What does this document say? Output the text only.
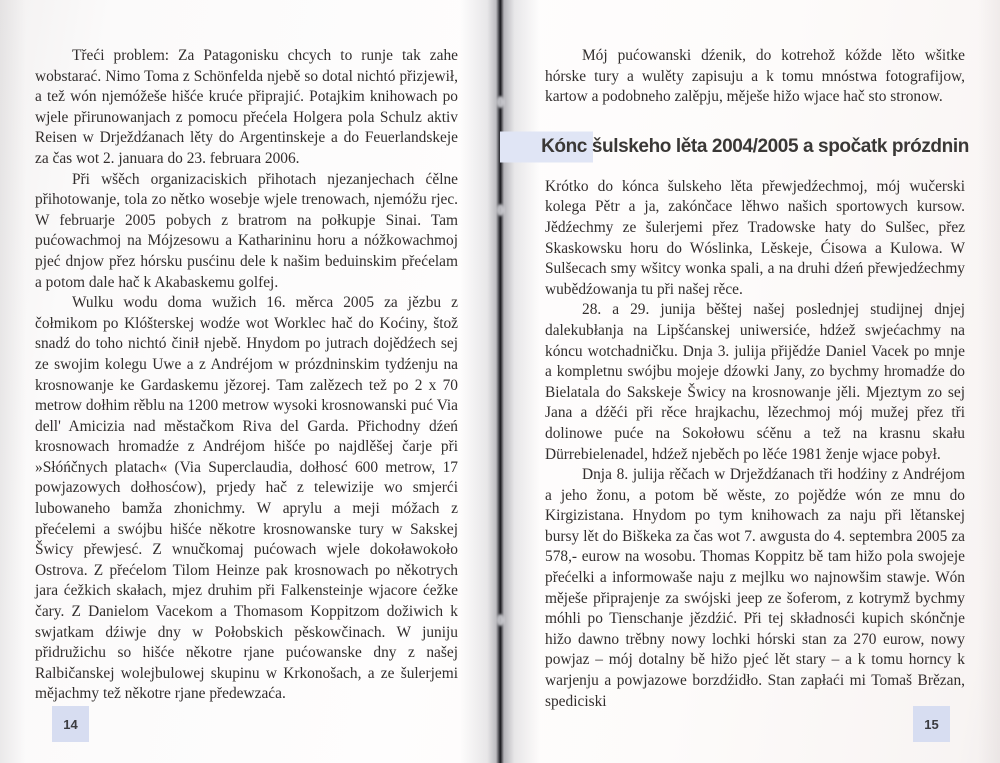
Třeći problem: Za Patagonisku chcych to runje tak zahe wobstarać. Nimo Toma z Schönfelda njebě so dotal nichtó přizjewił, a tež wón njemóžeše hišće kruće připrajić. Potajkim knihowach po wjele přirunowanjach z pomocu přećela Holgera pola Schulz aktiv Reisen w Drježdźanach lěty do Argentinskeje a do Feuerlandskeje za čas wot 2. januara do 23. februara 2006.

Při wšěch organizaciskich přihotach njezanjechach ćělne přihotowanje, tola zo nětko wosebje wjele trenowach, njemóžu rjec. W februarje 2005 pobych z bratrom na połkupje Sinai. Tam pućowachmoj na Mójzesowu a Katharininu horu a nóžkowachmoj pjeć dnjow přez hórsku pusćinu dele k našim beduinskim přećelam a potom dale hač k Akabaskemu golfej.

Wulku wodu doma wužich 16. měrca 2005 za jězbu z čołmikom po Klóšterskej wodźe wot Worklec hač do Koćiny, štož snadź do toho nichtó činił njebě. Hnydom po jutrach dojědźech sej ze swojim kolegu Uwe a z Andréjom w prózdninskim tydźenju na krosnowanje ke Gardaskemu jězorej. Tam zalězech tež po 2 x 70 metrow dołhim rěblu na 1200 metrow wysoki krosnowanski puć Via dell' Amicizia nad městačkom Riva del Garda. Přichodny dźeń krosnowach hromadźe z Andréjom hišće po najdlěšej čarje při »Słóńčnych platach« (Via Superclaudia, dołhosć 600 metrow, 17 powjazowych dołhosćow), prjedy hač z telewizije wo smjerći lubowaneho bamža zhonichmy. W aprylu a meji móžach z přećelemi a swójbu hišće někotre krosnowanske tury w Sakskej Šwicy přewjesć. Z wnučkomaj pućowach wjele dokoławokoło Ostrova. Z přećelom Tilom Heinze pak krosnowach po někotrych jara ćežkich skałach, mjez druhim při Falkensteinje wjacore ćežke čary. Z Danielom Vacekom a Thomasom Koppitzom dožiwich k swjatkam dźiwje dny w Połobskich pěskowčinach. W juniju přidružichu so hišće někotre rjane pućowanske dny z našej Ralbičanskej wolejbulowej skupinu w Krkonošach, a ze šulerjemi mějachmy tež někotre rjane předewzaća.

14

Mój pućowanski dźenik, do kotrehož kóžde lěto wšitke hórske tury a wulěty zapisuju a k tomu mnóstwa fotografijow, kartow a podobneho zalěpju, měješe hižo wjace hač sto stronow.

Kónc šulskeho lěta 2004/2005 a spočatk prózdnin

Krótko do kónca šulskeho lěta přewjedźechmoj, mój wučerski kolega Pětr a ja, zakónčace lěhwo našich sportowych kursow. Jědźechmy ze šulerjemi přez Tradowske haty do Sulšec, přez Skaskowsku horu do Wóslinka, Lěskeje, Ćisowa a Kulowa. W Sulšecach smy wšitcy wonka spali, a na druhi dźeń přewjedźechmy wubědźowanja tu při našej rěce.

28. a 29. junija běštej našej poslednjej studijnej dnjej dalekubłanja na Lipšćanskej uniwersiće, hdźež swjećachmy na kóncu wotchadničku. Dnja 3. julija přijědźe Daniel Vacek po mnje a kompletnu swójbu mojeje dźowki Jany, zo bychmy hromadźe do Bielatala do Sakskeje Šwicy na krosnowanje jěli. Mjeztym zo sej Jana a dźěći při rěce hrajkachu, lězechmoj mój mužej přez tři dolinowe puće na Sokołowu sćěnu a tež na krasnu skału Dürrebielenadel, hdźež njeběch po lěće 1981 ženje wjace pobył.

Dnja 8. julija rěčach w Drježdźanach tři hodźiny z Andréjom a jeho žonu, a potom bě wěste, zo pojědźe wón ze mnu do Kirgizistana. Hnydom po tym knihowach za naju při lětanskej bursy lět do Biškeka za čas wot 7. awgusta do 4. septembra 2005 za 578,- eurow na wosobu. Thomas Koppitz bě tam hižo pola swojeje přećelki a informowaše naju z mejlku wo najnowšim stawje. Wón měješe připrajenje za swójski jeep ze šoferom, z kotrymž bychmy móhli po Tienschanje jězdźić. Při tej składnosći kupich skónčnje hižo dawno trěbny nowy lochki hórski stan za 270 eurow, nowy powjaz – mój dotalny bě hižo pjeć lět stary – a k tomu horncy k warjenju a powjazowe borzdźidło. Stan zapłaći mi Tomaš Brězan, spediciski

15
